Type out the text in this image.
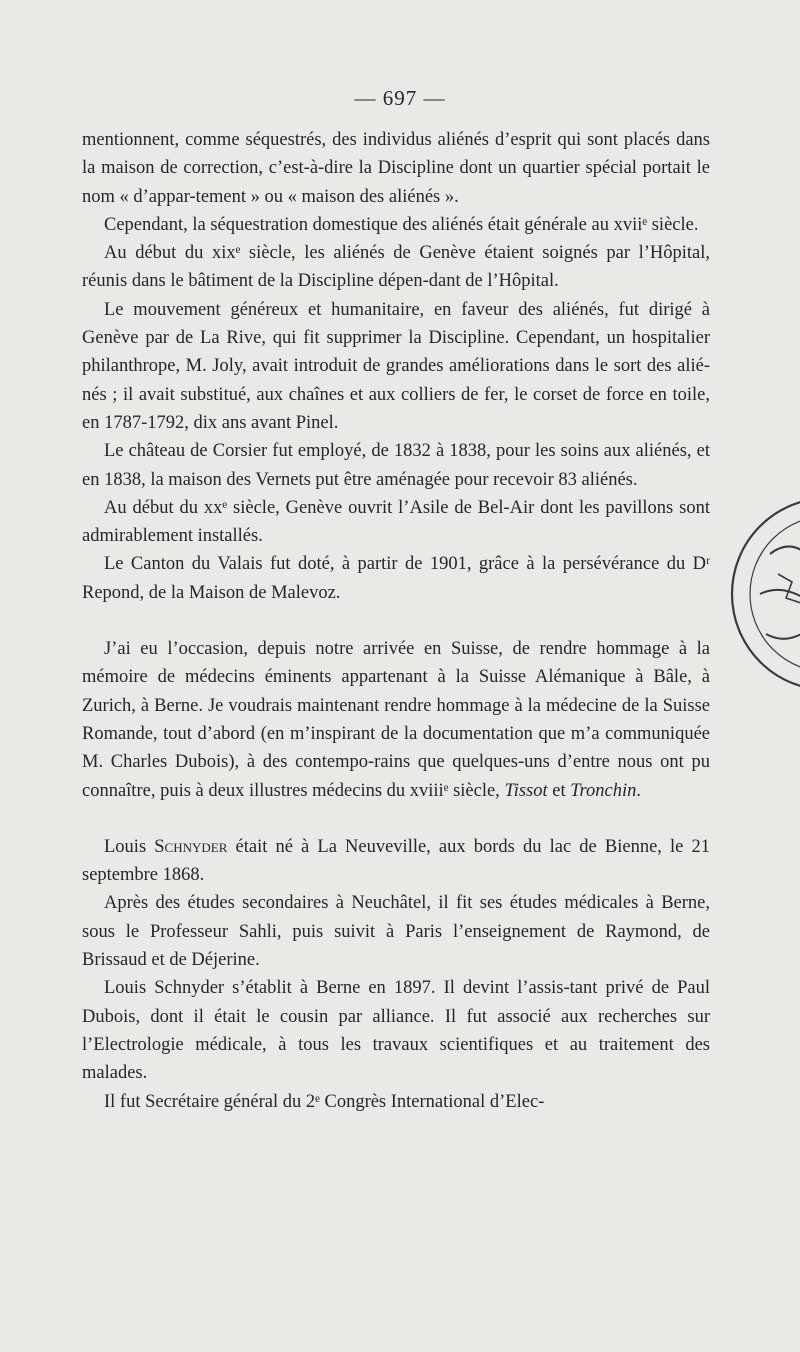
— 697 —

mentionnent, comme séquestrés, des individus aliénés d’esprit qui sont placés dans la maison de correction, c’est-à-dire la Discipline dont un quartier spécial portait le nom « d’appar-tement » ou « maison des aliénés ».

Cependant, la séquestration domestique des aliénés était générale au xviiᵉ siècle.

Au début du xixᵉ siècle, les aliénés de Genève étaient soignés par l’Hôpital, réunis dans le bâtiment de la Discipline dépen-dant de l’Hôpital.

Le mouvement généreux et humanitaire, en faveur des aliénés, fut dirigé à Genève par de La Rive, qui fit supprimer la Discipline. Cependant, un hospitalier philanthrope, M. Joly, avait introduit de grandes améliorations dans le sort des alié-nés ; il avait substitué, aux chaînes et aux colliers de fer, le corset de force en toile, en 1787-1792, dix ans avant Pinel.

Le château de Corsier fut employé, de 1832 à 1838, pour les soins aux aliénés, et en 1838, la maison des Vernets put être aménagée pour recevoir 83 aliénés.

Au début du xxᵉ siècle, Genève ouvrit l’Asile de Bel-Air dont les pavillons sont admirablement installés.

Le Canton du Valais fut doté, à partir de 1901, grâce à la persévérance du Dʳ Repond, de la Maison de Malevoz.

J’ai eu l’occasion, depuis notre arrivée en Suisse, de rendre hommage à la mémoire de médecins éminents appartenant à la Suisse Alémanique à Bâle, à Zurich, à Berne. Je voudrais maintenant rendre hommage à la médecine de la Suisse Romande, tout d’abord (en m’inspirant de la documentation que m’a communiquée M. Charles Dubois), à des contempo-rains que quelques-uns d’entre nous ont pu connaître, puis à deux illustres médecins du xviiiᵉ siècle, Tissot et Tronchin.

Louis Schnyder était né à La Neuveville, aux bords du lac de Bienne, le 21 septembre 1868.

Après des études secondaires à Neuchâtel, il fit ses études médicales à Berne, sous le Professeur Sahli, puis suivit à Paris l’enseignement de Raymond, de Brissaud et de Déjerine.

Louis Schnyder s’établit à Berne en 1897. Il devint l’assis-tant privé de Paul Dubois, dont il était le cousin par alliance. Il fut associé aux recherches sur l’Electrologie médicale, à tous les travaux scientifiques et au traitement des malades.

Il fut Secrétaire général du 2ᵉ Congrès International d’Elec-
